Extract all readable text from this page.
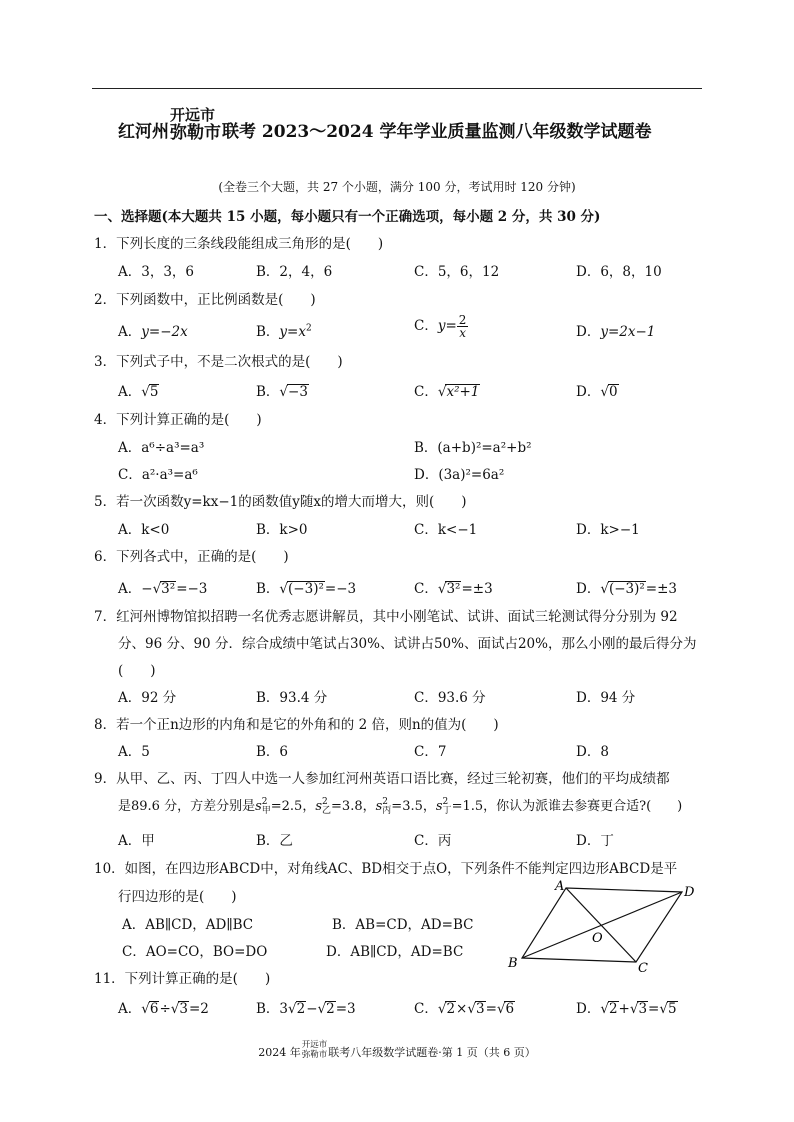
红河州
开远市
弥勒市 联考 2023～2024 学年学业质量监测八年级数学试题卷
(全卷三个大题，共 27 个小题，满分 100 分，考试用时 120 分钟)
一、选择题(本大题共 15 小题，每小题只有一个正确选项，每小题 2 分，共 30 分)
1．下列长度的三条线段能组成三角形的是(　　)
A．3，3，6	B．2，4，6	C．5，6，12	D．6，8，10
2．下列函数中，正比例函数是(　　)
A．y=−2x	B．$y=x^2$	C．$y= \frac{2}{x}$	D．y=2x−1
3．下列式子中，不是二次根式的是(　　)
A．√5	B．√−3	C．√x²+1	D．√0
4．下列计算正确的是(　　)
A．a⁶÷a³=a³	B．(a+b)²=a²+b²
C．a²·a³=a⁶	D．(3a)²=6a²
5．若一次函数y=kx−1的函数值y随x的增大而增大，则(　　)
A．k<0	B．k>0	C．k<−1	D．k>−1
6．下列各式中，正确的是(　　)
A．−√3²=−3	B．√(−3)²=−3	C．√3²=±3	D．√(−3)²=±3
7．红河州博物馆拟招聘一名优秀志愿讲解员，其中小刚笔试、试讲、面试三轮测试得分分别为 92
分、96 分、90 分．综合成绩中笔试占30%、试讲占50%、面试占20%，那么小刚的最后得分为
(　　)
A．92 分	B．93.4 分	C．93.6 分	D．94 分
8．若一个正n边形的内角和是它的外角和的 2 倍，则n的值为(　　)
A．5	B．6	C．7	D．8
9．从甲、乙、丙、丁四人中选一人参加红河州英语口语比赛，经过三轮初赛，他们的平均成绩都
是89.6 分，方差分别是s 2
甲 =2.5，s 2
乙 =3.8，s 2
丙 =3.5，s 2
丁 =1.5，你认为派谁去参赛更合适?(　　)
A．甲	B．乙	C．丙	D．丁
10．如图，在四边形ABCD中，对角线AC、BD相交于点O，下列条件不能判定四边形ABCD是平
行四边形的是(　　)
A．AB∥CD，AD∥BC	B．AB=CD，AD=BC
C．AO=CO，BO=DO	D．AB∥CD，AD=BC
A	D
B	C
O
11．下列计算正确的是(　　)
A．√6÷√3=2	B．3√2−√2=3	C．√2×√3=√6	D．√2+√3=√5
2024 年
开远市
弥勒市 联考八年级数学试题卷·第 1 页（共 6 页）
